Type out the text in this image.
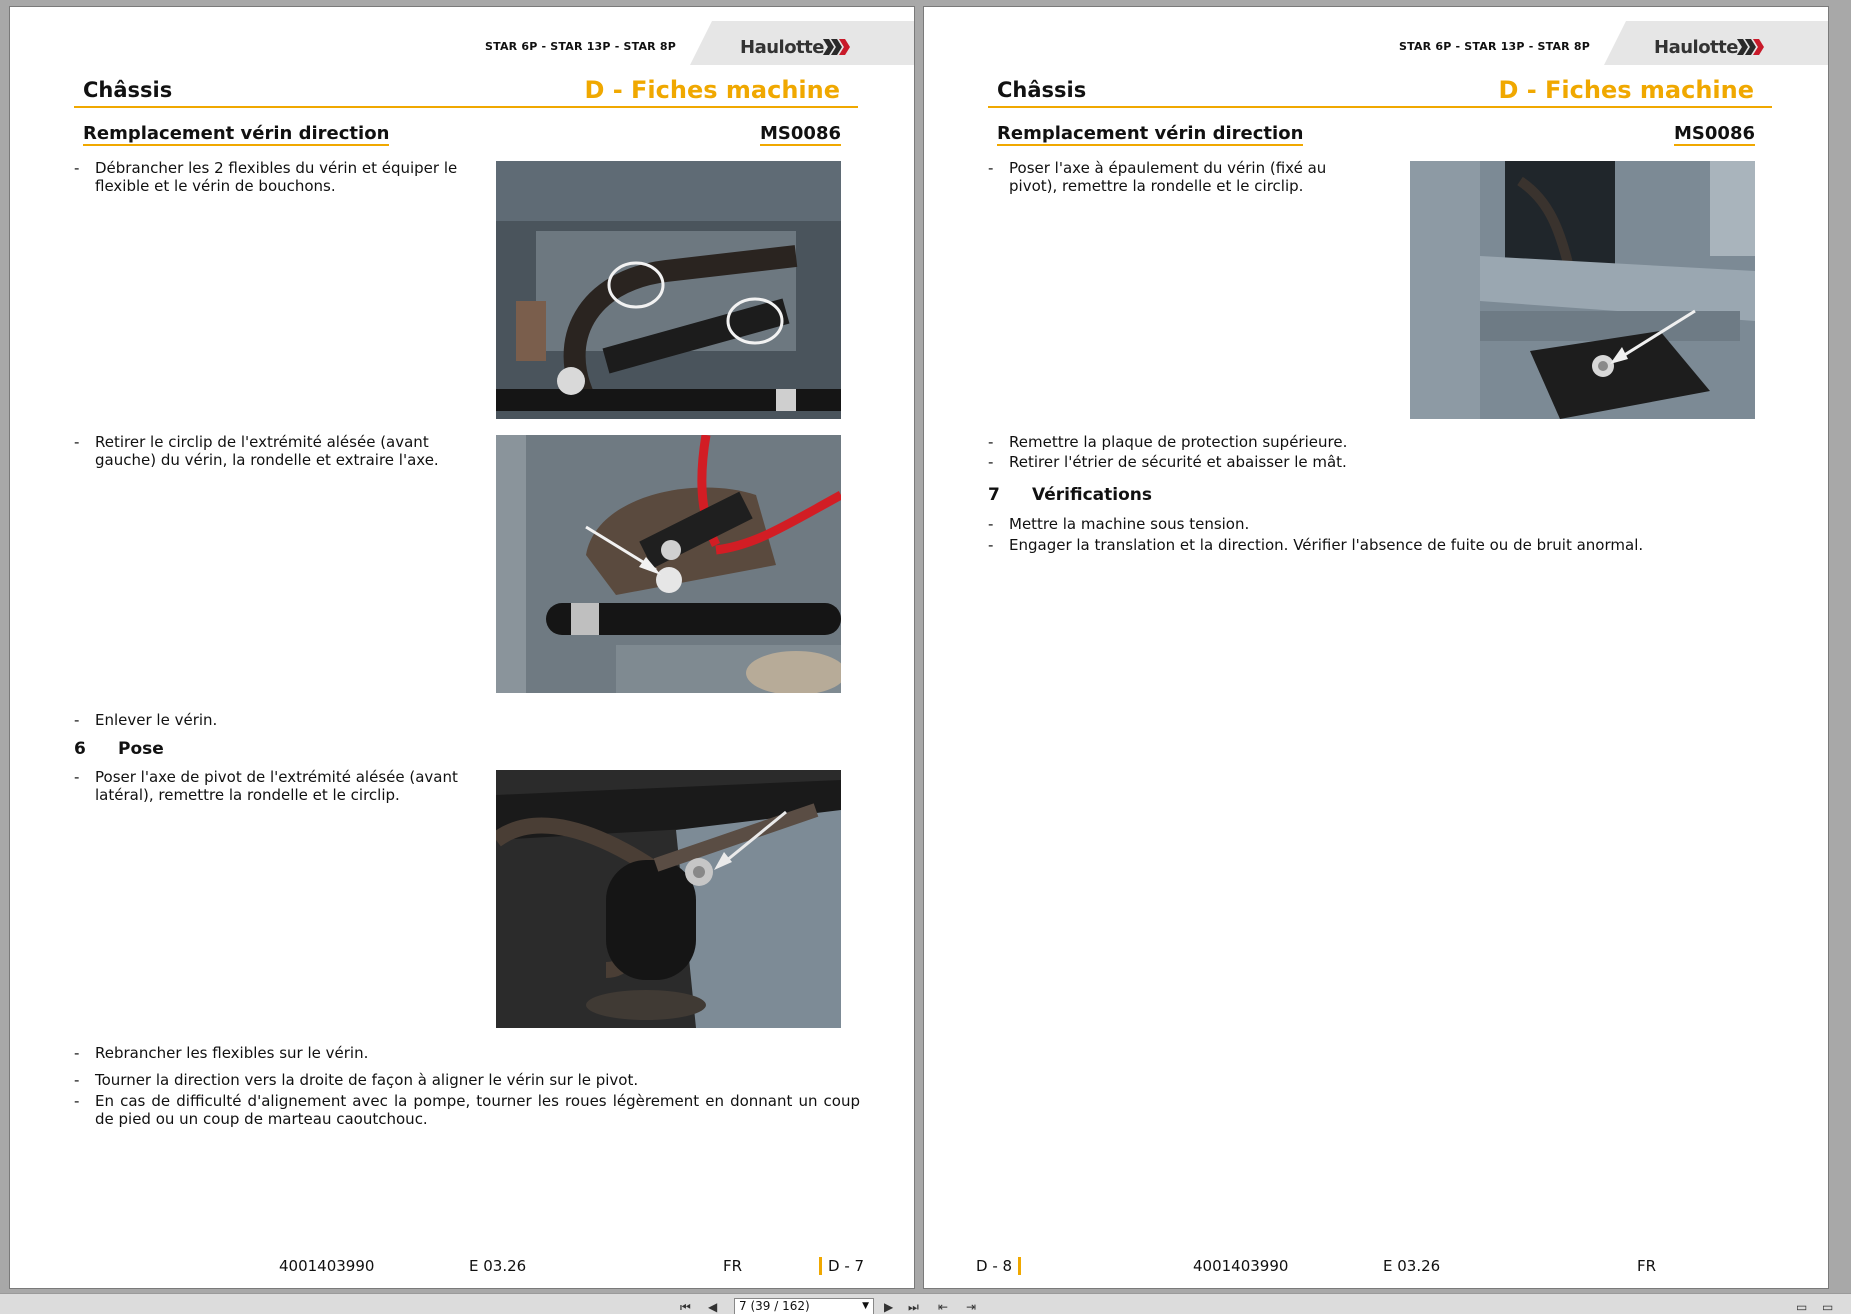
STAR 6P - STAR 13P - STAR 8P	Haulotte
Châssis	D - Fiches machine
Remplacement vérin direction	MS0086
-	Débrancher les 2 flexibles du vérin et équiper le flexible et le vérin de bouchons.
-	Retirer le circlip de l'extrémité alésée (avant gauche) du vérin, la rondelle et extraire l'axe.
-	Enlever le vérin.
6	Pose
-	Poser l'axe de pivot de l'extrémité alésée (avant latéral), remettre la rondelle et le circlip.
-	Rebrancher les flexibles sur le vérin.
-	Tourner la direction vers la droite de façon à aligner le vérin sur le pivot.
-	En cas de difficulté d'alignement avec la pompe, tourner les roues légèrement en donnant un coup de pied ou un coup de marteau caoutchouc.
4001403990	E 03.26	FR	D - 7
STAR 6P - STAR 13P - STAR 8P	Haulotte
Châssis	D - Fiches machine
Remplacement vérin direction	MS0086
-	Poser l'axe à épaulement du vérin (fixé au pivot), remettre la rondelle et le circlip.
-	Remettre la plaque de protection supérieure.
-	Retirer l'étrier de sécurité et abaisser le mât.
7	Vérifications
-	Mettre la machine sous tension.
-	Engager la translation et la direction. Vérifier l'absence de fuite ou de bruit anormal.
D - 8	4001403990	E 03.26	FR
⏮ ◀	7 (39 / 162)	▼ ▶ ⏭ ⇤ ⇥	▭ ▭
